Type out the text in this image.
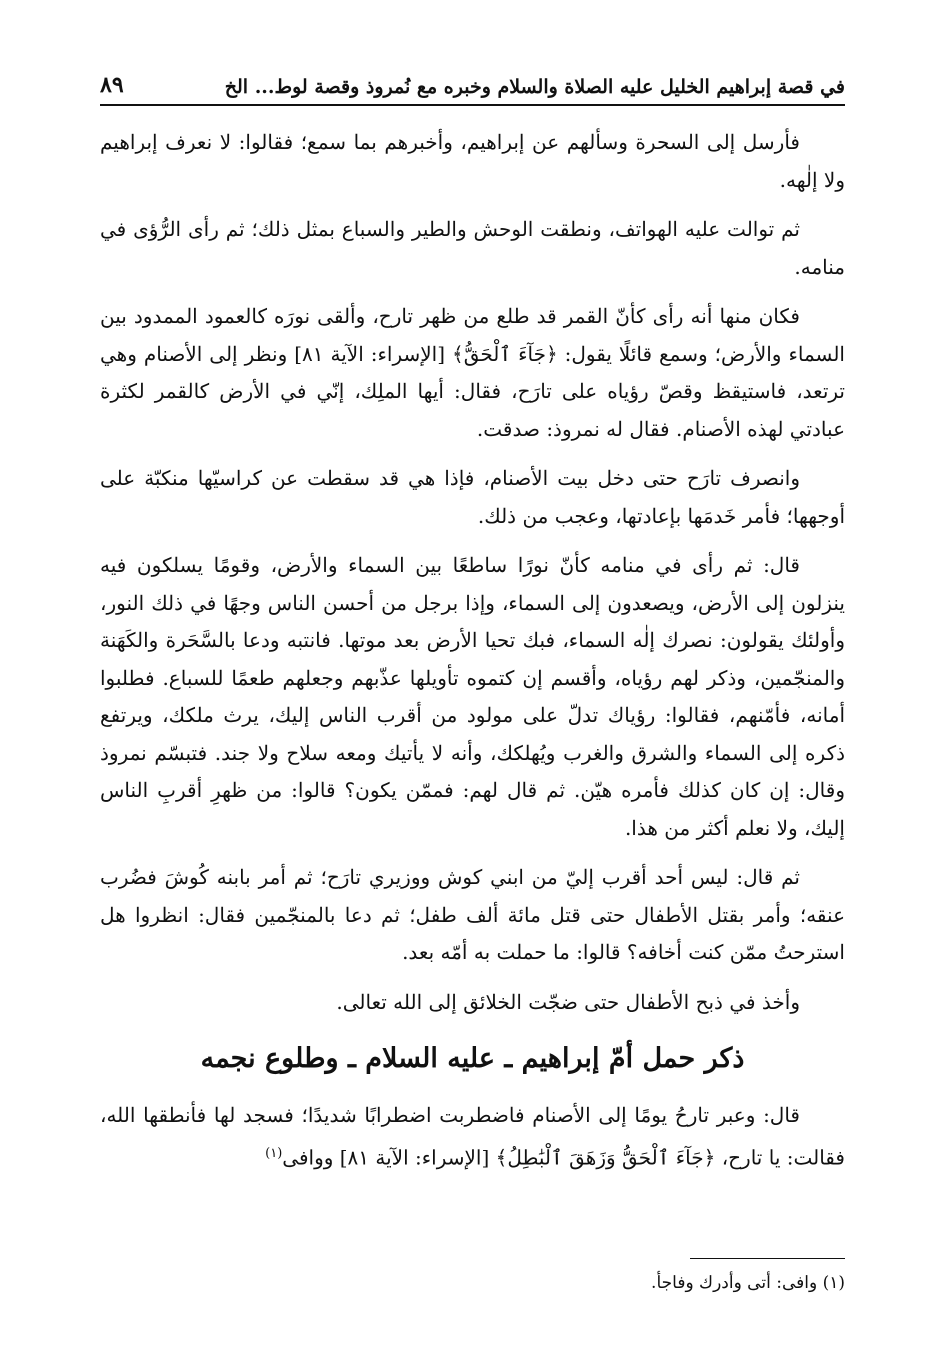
في قصة إبراهيم الخليل عليه الصلاة والسلام وخبره مع نُمروذ وقصة لوط... الخ
٨٩

فأرسل إلى السحرة وسألهم عن إبراهيم، وأخبرهم بما سمع؛ فقالوا: لا نعرف إبراهيم ولا إلٰهه.

ثم توالت عليه الهواتف، ونطقت الوحش والطير والسباع بمثل ذلك؛ ثم رأى الرُّؤى في منامه.

فكان منها أنه رأى كأنّ القمر قد طلع من ظهر تارح، وألقى نورَه كالعمود الممدود بين السماء والأرض؛ وسمع قائلًا يقول: ﴿جَآءَ ٱلْحَقُّ﴾ [الإسراء: الآية ٨١] ونظر إلى الأصنام وهي ترتعد، فاستيقظ وقصّ رؤياه على تارَح، فقال: أيها الملِك، إنّي في الأرض كالقمر لكثرة عبادتي لهذه الأصنام. فقال له نمروذ: صدقت.

وانصرف تارَح حتى دخل بيت الأصنام، فإذا هي قد سقطت عن كراسيّها منكبّة على أوجهها؛ فأمر خَدمَها بإعادتها، وعجب من ذلك.

قال: ثم رأى في منامه كأنّ نورًا ساطعًا بين السماء والأرض، وقومًا يسلكون فيه ينزلون إلى الأرض، ويصعدون إلى السماء، وإذا برجل من أحسن الناس وجهًا في ذلك النور، وأولئك يقولون: نصرك إلٰه السماء، فبك تحيا الأرض بعد موتها. فانتبه ودعا بالسَّحَرة والكَهَنة والمنجّمين، وذكر لهم رؤياه، وأقسم إن كتموه تأويلها عذّبهم وجعلهم طعمًا للسباع. فطلبوا أمانه، فأمّنهم، فقالوا: رؤياك تدلّ على مولود من أقرب الناس إليك، يرث ملكك، ويرتفع ذكره إلى السماء والشرق والغرب ويُهلكك، وأنه لا يأتيك ومعه سلاح ولا جند. فتبسّم نمروذ وقال: إن كان كذلك فأمره هيّن. ثم قال لهم: فممّن يكون؟ قالوا: من ظهرِ أقربِ الناس إليك، ولا نعلم أكثر من هذا.

ثم قال: ليس أحد أقرب إليّ من ابني كوش ووزيري تارَح؛ ثم أمر بابنه كُوشَ فضُرب عنقه؛ وأمر بقتل الأطفال حتى قتل مائة ألف طفل؛ ثم دعا بالمنجّمين فقال: انظروا هل استرحتُ ممّن كنت أخافه؟ قالوا: ما حملت به أمّه بعد.

وأخذ في ذبح الأطفال حتى ضجّت الخلائق إلى الله تعالى.

ذكر حمل أمّ إبراهيم ـ عليه السلام ـ وطلوع نجمه

قال: وعبر تارحُ يومًا إلى الأصنام فاضطربت اضطرابًا شديدًا؛ فسجد لها فأنطقها الله، فقالت: يا تارح، ﴿جَآءَ ٱلْحَقُّ وَزَهَقَ ٱلْبَٰطِلُ﴾ [الإسراء: الآية ٨١] ووافى$^{(١)}$

(١) وافى: أتى وأدرك وفاجأ.
